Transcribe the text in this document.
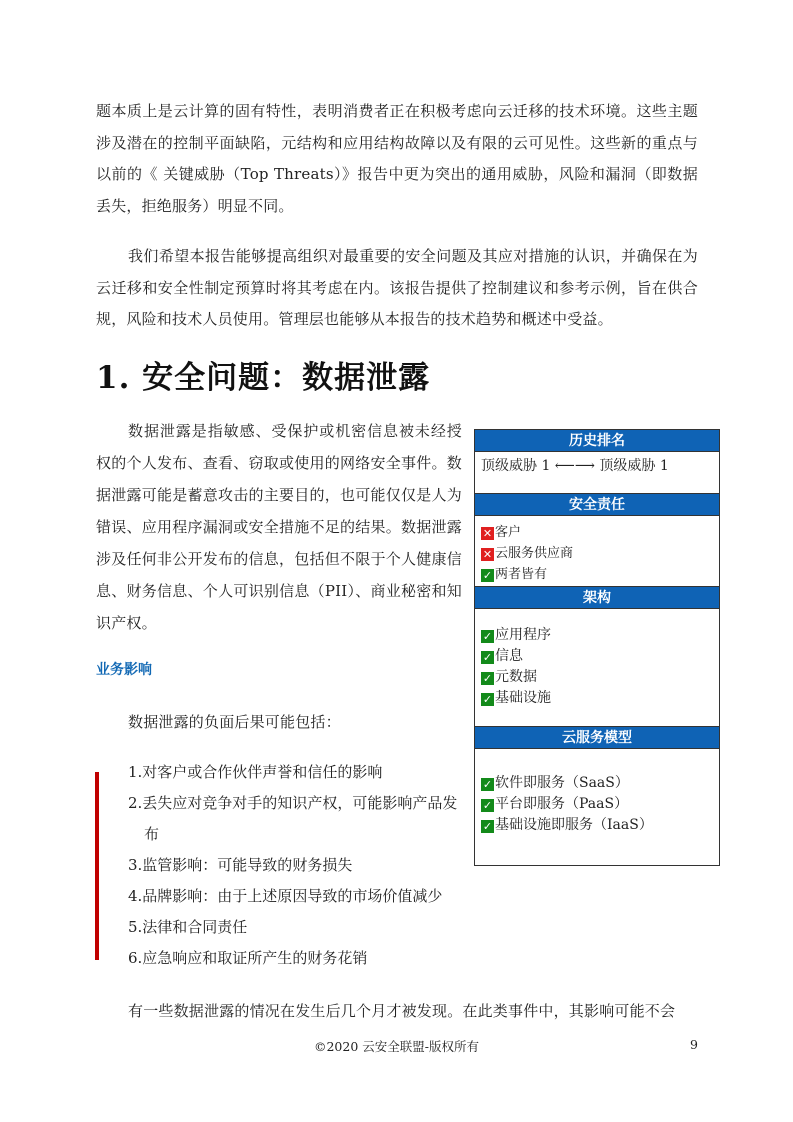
题本质上是云计算的固有特性，表明消费者正在积极考虑向云迁移的技术环境。这些主题涉及潜在的控制平面缺陷，元结构和应用结构故障以及有限的云可见性。这些新的重点与以前的《 关键威胁（Top Threats）》报告中更为突出的通用威胁，风险和漏洞（即数据丢失，拒绝服务）明显不同。

我们希望本报告能够提高组织对最重要的安全问题及其应对措施的认识，并确保在为云迁移和安全性制定预算时将其考虑在内。该报告提供了控制建议和参考示例，旨在供合规，风险和技术人员使用。管理层也能够从本报告的技术趋势和概述中受益。

1. 安全问题：数据泄露

数据泄露是指敏感、受保护或机密信息被未经授权的个人发布、查看、窃取或使用的网络安全事件。数据泄露可能是蓄意攻击的主要目的，也可能仅仅是人为错误、应用程序漏洞或安全措施不足的结果。数据泄露涉及任何非公开发布的信息，包括但不限于个人健康信息、财务信息、个人可识别信息（PII）、商业秘密和知识产权。

业务影响

数据泄露的负面后果可能包括：

1.对客户或合作伙伴声誉和信任的影响
2.丢失应对竞争对手的知识产权，可能影响产品发布
3.监管影响：可能导致的财务损失
4.品牌影响：由于上述原因导致的市场价值减少
5.法律和合同责任
6.应急响应和取证所产生的财务花销

有一些数据泄露的情况在发生后几个月才被发现。在此类事件中，其影响可能不会

历史排名
顶级威胁 1 ⟵⟶ 顶级威胁 1
安全责任
✕ 客户
✕ 云服务供应商
✓ 两者皆有
架构
✓ 应用程序
✓ 信息
✓ 元数据
✓ 基础设施
云服务模型
✓ 软件即服务（SaaS）
✓ 平台即服务（PaaS）
✓ 基础设施即服务（IaaS）
©2020 云安全联盟-版权所有	9
